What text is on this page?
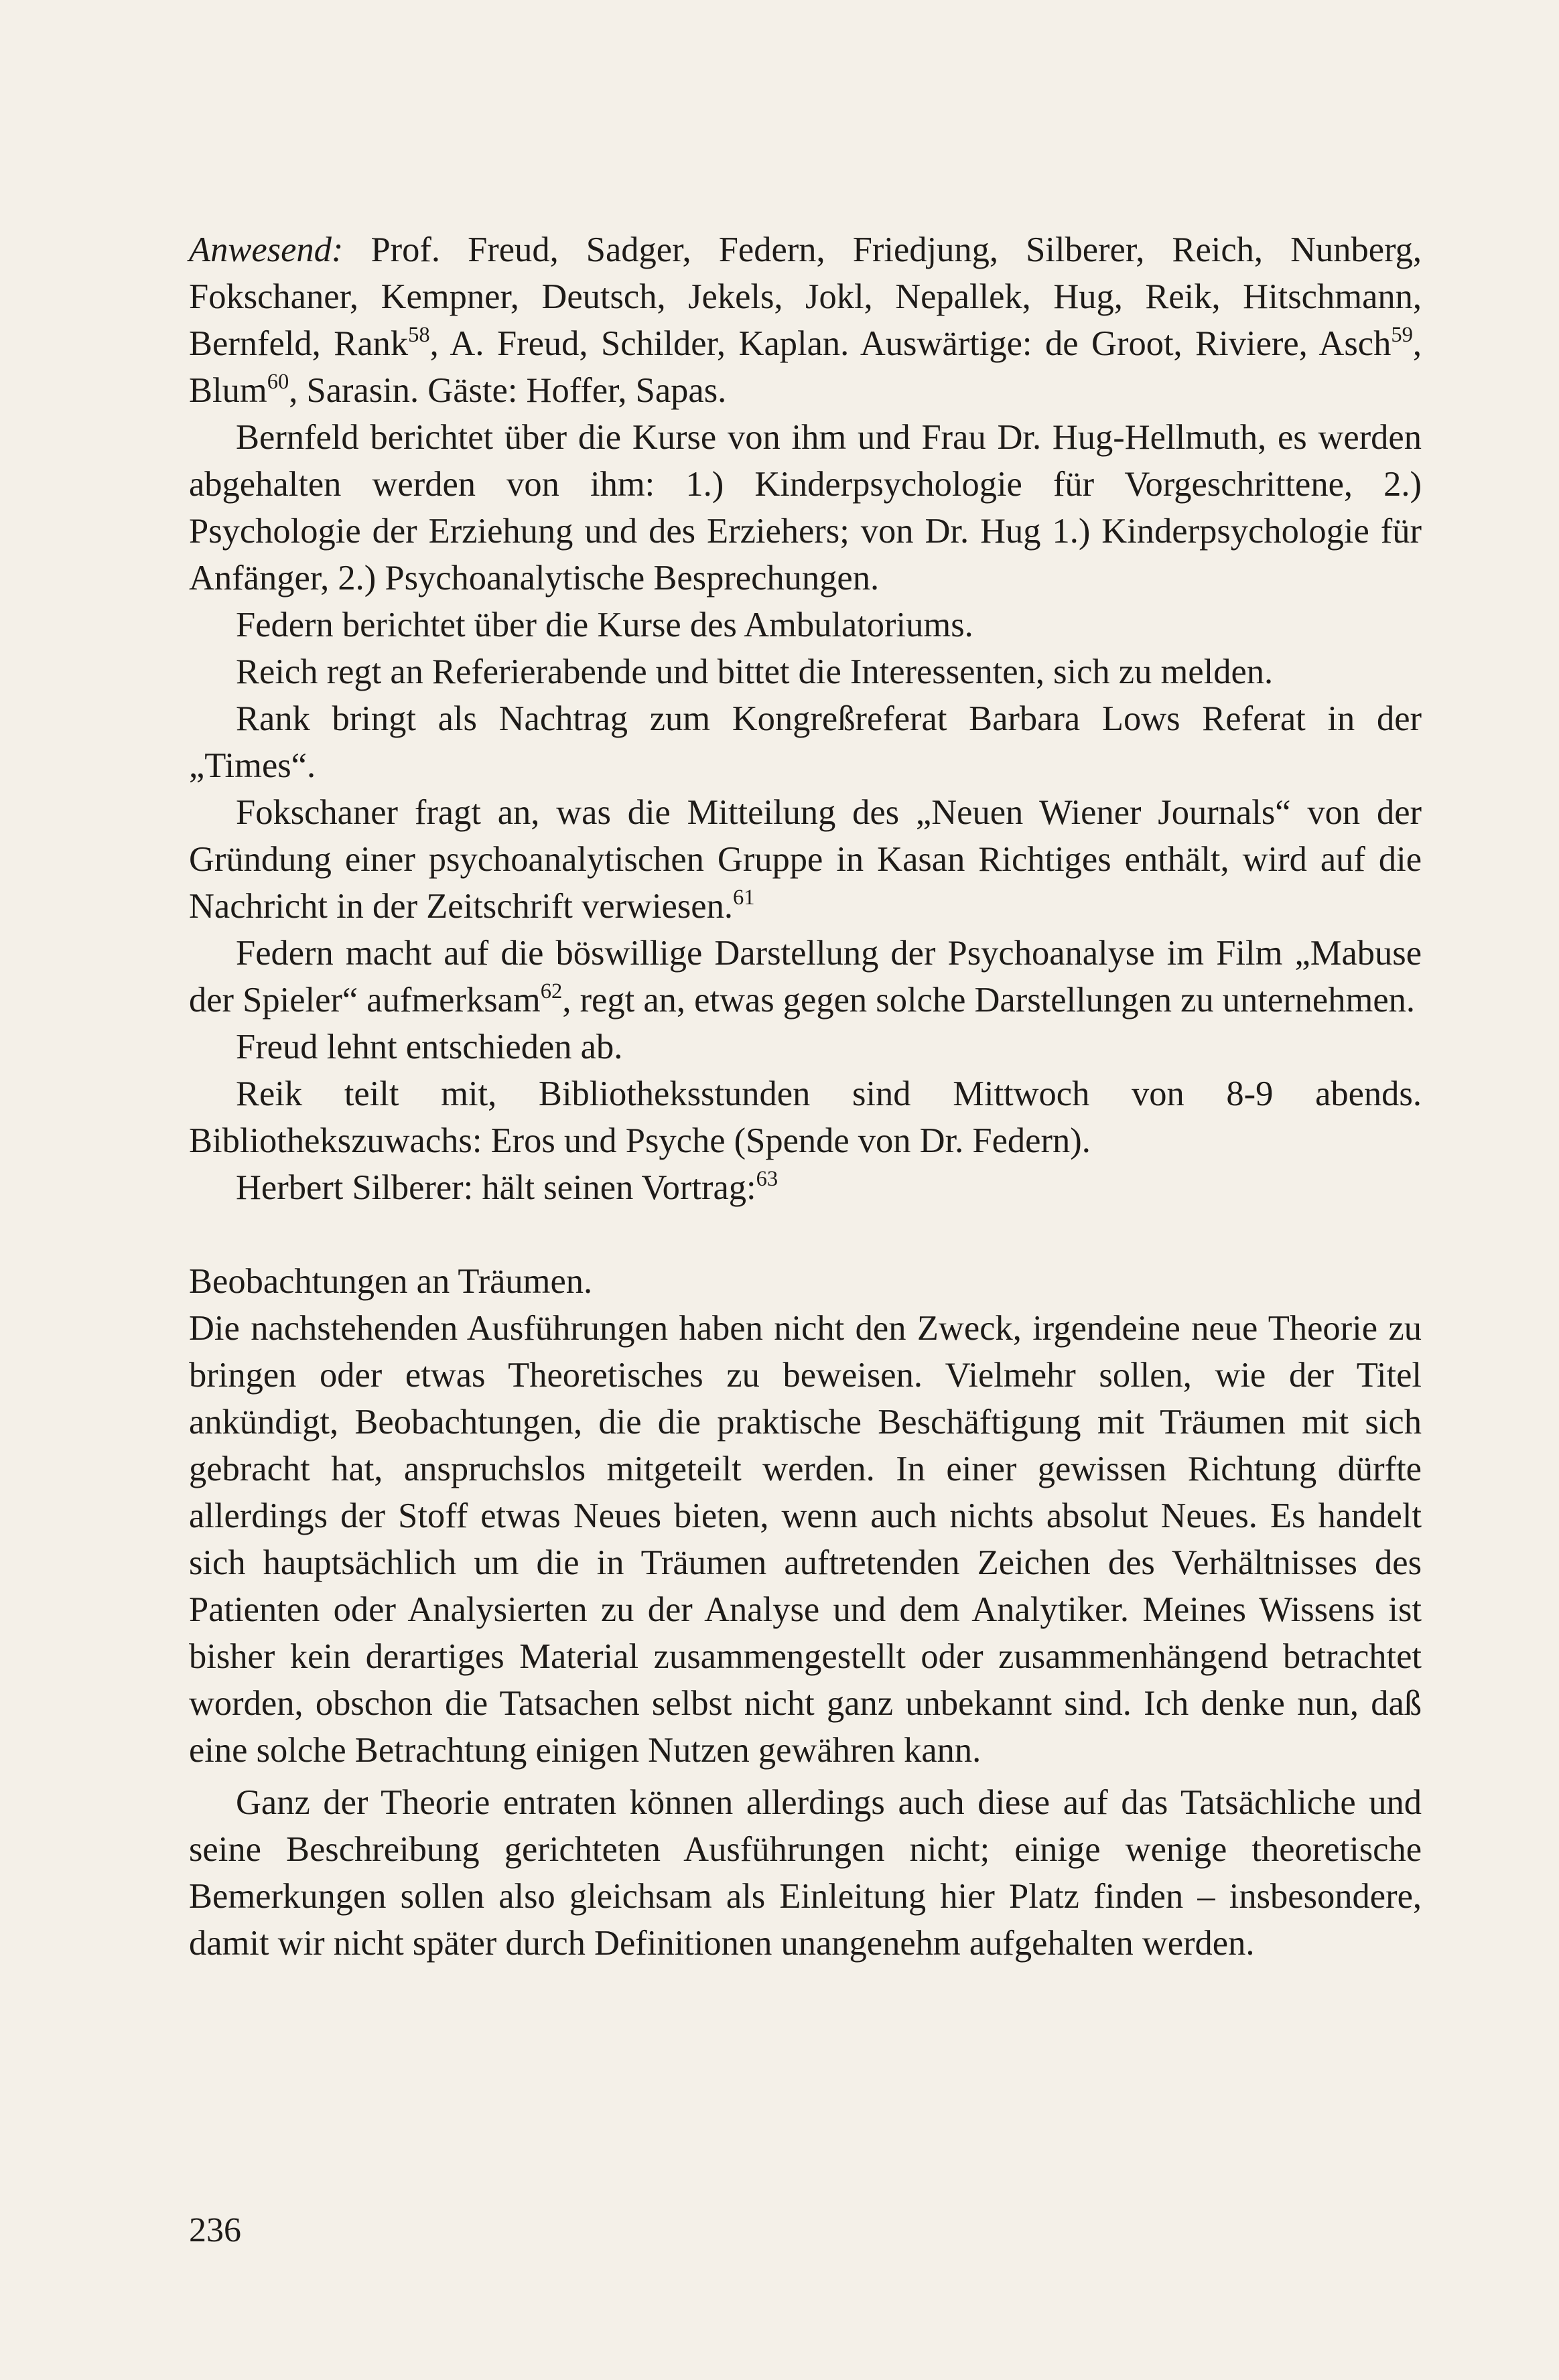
Anwesend: Prof. Freud, Sadger, Federn, Friedjung, Silberer, Reich, Nunberg, Fokschaner, Kempner, Deutsch, Jekels, Jokl, Nepallek, Hug, Reik, Hitschmann, Bernfeld, Rank$^{58}$, A. Freud, Schilder, Kaplan. Auswärtige: de Groot, Riviere, Asch$^{59}$, Blum$^{60}$, Sarasin. Gäste: Hoffer, Sapas.

Bernfeld berichtet über die Kurse von ihm und Frau Dr. Hug-Hellmuth, es werden abgehalten werden von ihm: 1.) Kinderpsychologie für Vorgeschrittene, 2.) Psychologie der Erziehung und des Erziehers; von Dr. Hug 1.) Kinderpsychologie für Anfänger, 2.) Psychoanalytische Besprechungen.

Federn berichtet über die Kurse des Ambulatoriums.

Reich regt an Referierabende und bittet die Interessenten, sich zu melden.

Rank bringt als Nachtrag zum Kongreßreferat Barbara Lows Referat in der „Times“.

Fokschaner fragt an, was die Mitteilung des „Neuen Wiener Journals“ von der Gründung einer psychoanalytischen Gruppe in Kasan Richtiges enthält, wird auf die Nachricht in der Zeitschrift verwiesen.$^{61}$

Federn macht auf die böswillige Darstellung der Psychoanalyse im Film „Mabuse der Spieler“ aufmerksam$^{62}$, regt an, etwas gegen solche Darstellungen zu unternehmen.

Freud lehnt entschieden ab.

Reik teilt mit, Bibliotheksstunden sind Mittwoch von 8-9 abends. Bibliothekszuwachs: Eros und Psyche (Spende von Dr. Federn).

Herbert Silberer: hält seinen Vortrag:$^{63}$

Beobachtungen an Träumen.

Die nachstehenden Ausführungen haben nicht den Zweck, irgendeine neue Theorie zu bringen oder etwas Theoretisches zu beweisen. Vielmehr sollen, wie der Titel ankündigt, Beobachtungen, die die praktische Beschäftigung mit Träumen mit sich gebracht hat, anspruchslos mitgeteilt werden. In einer gewissen Richtung dürfte allerdings der Stoff etwas Neues bieten, wenn auch nichts absolut Neues. Es handelt sich hauptsächlich um die in Träumen auftretenden Zeichen des Verhältnisses des Patienten oder Analysierten zu der Analyse und dem Analytiker. Meines Wissens ist bisher kein derartiges Material zusammengestellt oder zusammenhängend betrachtet worden, obschon die Tatsachen selbst nicht ganz unbekannt sind. Ich denke nun, daß eine solche Betrachtung einigen Nutzen gewähren kann.

Ganz der Theorie entraten können allerdings auch diese auf das Tatsächliche und seine Beschreibung gerichteten Ausführungen nicht; einige wenige theoretische Bemerkungen sollen also gleichsam als Einleitung hier Platz finden – insbesondere, damit wir nicht später durch Definitionen unangenehm aufgehalten werden.

236
